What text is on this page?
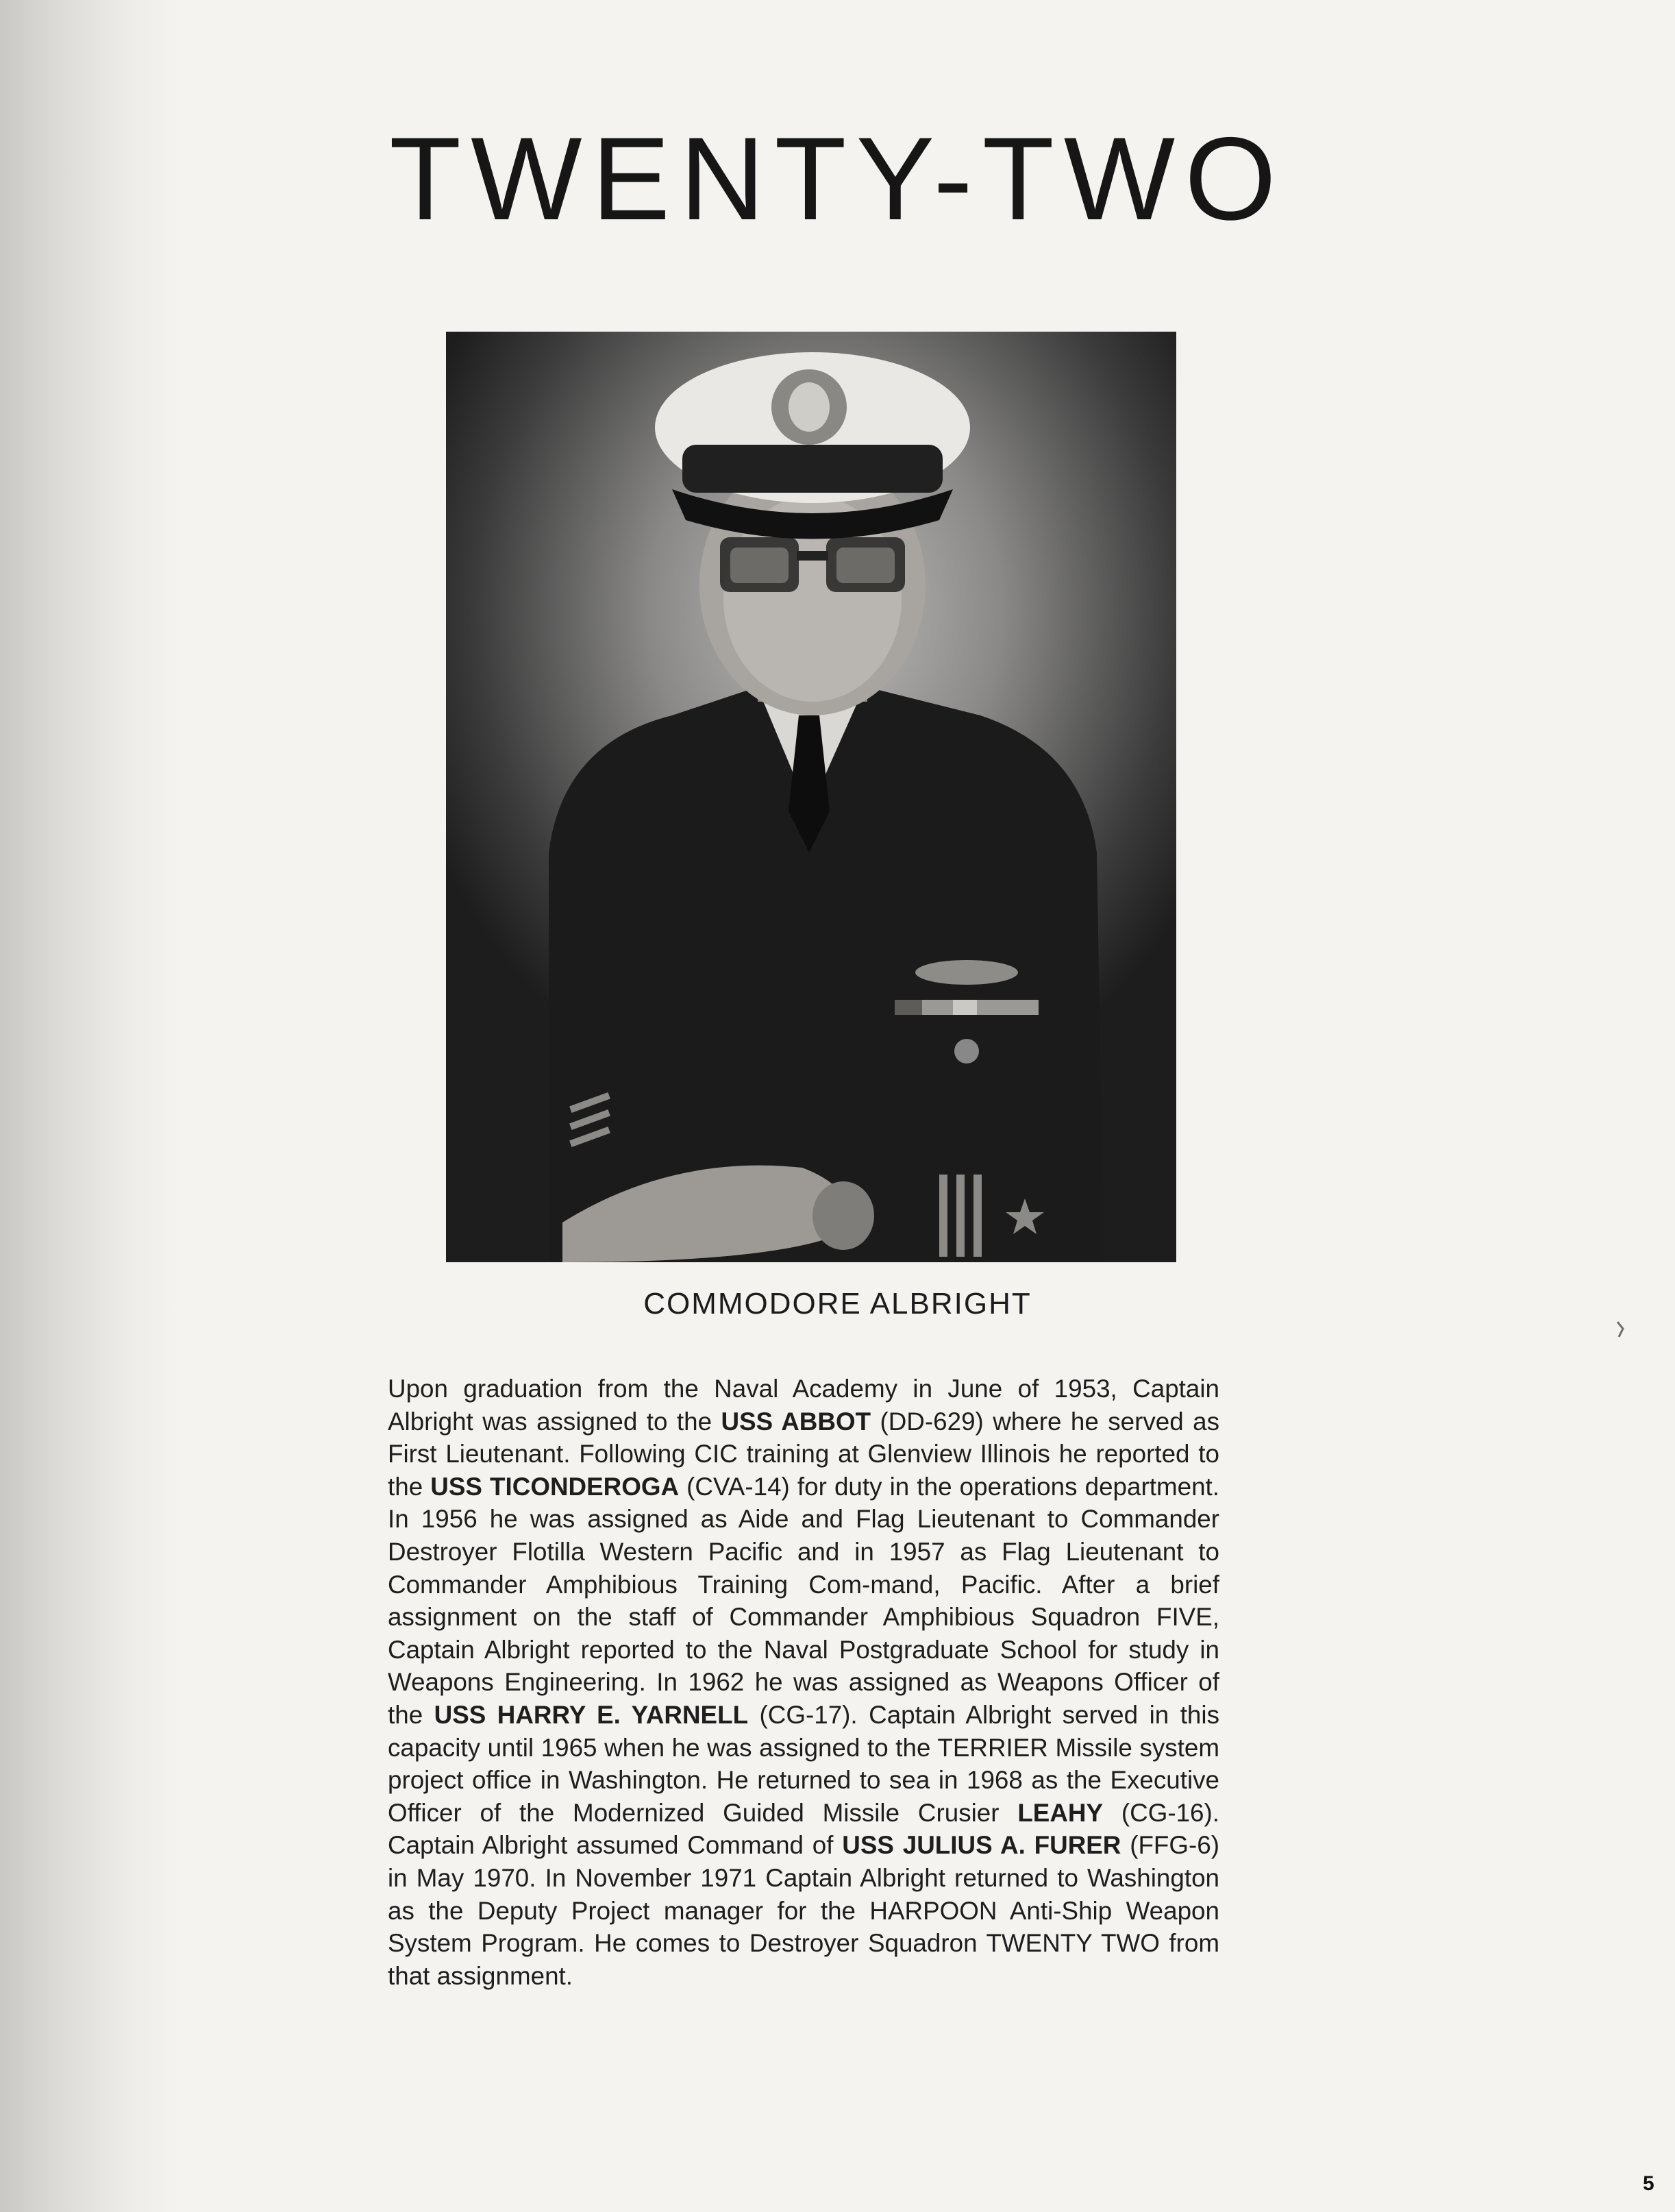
TWENTY-TWO
COMMODORE ALBRIGHT
Upon graduation from the Naval Academy in June of 1953, Captain Albright was assigned to the USS ABBOT (DD-629) where he served as First Lieutenant. Following CIC training at Glenview Illinois he reported to the USS TICONDEROGA (CVA-14) for duty in the operations department. In 1956 he was assigned as Aide and Flag Lieutenant to Commander Destroyer Flotilla Western Pacific and in 1957 as Flag Lieutenant to Commander Amphibious Training Com-mand, Pacific. After a brief assignment on the staff of Commander Amphibious Squadron FIVE, Captain Albright reported to the Naval Postgraduate School for study in Weapons Engineering. In 1962 he was assigned as Weapons Officer of the USS HARRY E. YARNELL (CG-17). Captain Albright served in this capacity until 1965 when he was assigned to the TERRIER Missile system project office in Washington. He returned to sea in 1968 as the Executive Officer of the Modernized Guided Missile Crusier LEAHY (CG-16). Captain Albright assumed Command of USS JULIUS A. FURER (FFG-6) in May 1970. In November 1971 Captain Albright returned to Washington as the Deputy Project manager for the HARPOON Anti-Ship Weapon System Program. He comes to Destroyer Squadron TWENTY TWO from that assignment.
5
